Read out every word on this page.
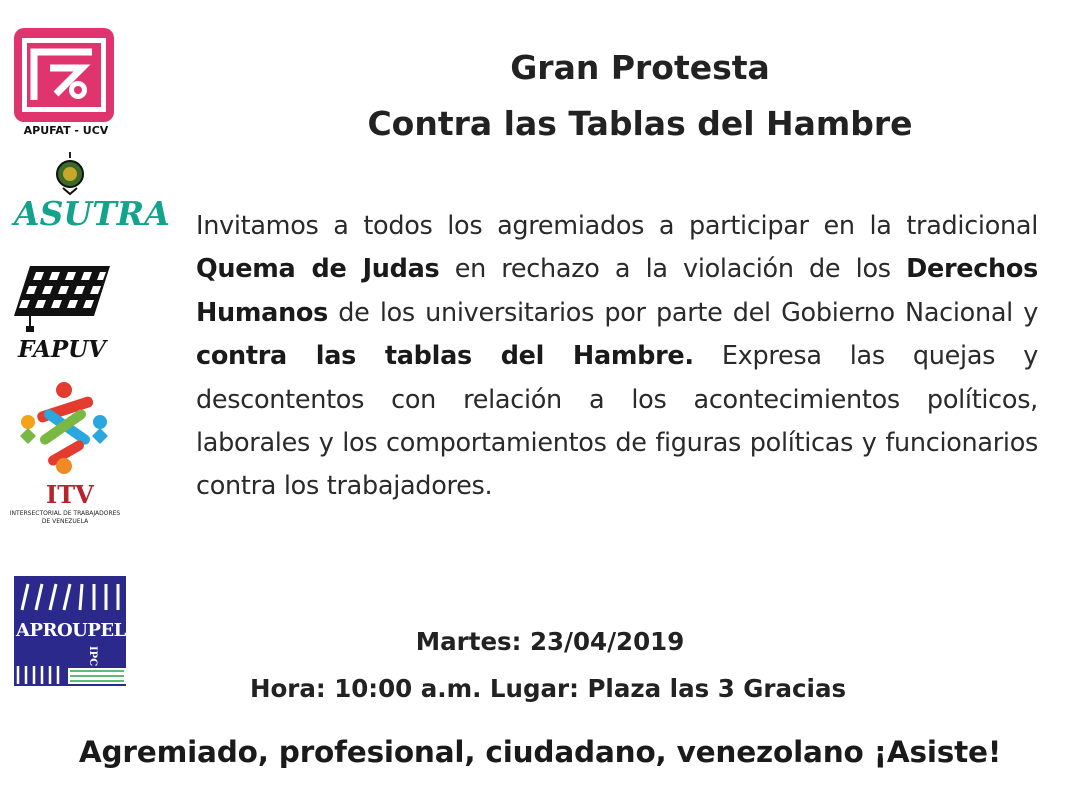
APUFAT - UCV
ASUTRA
FAPUV
ITV
INTERSECTORIAL DE TRABAJADORES DE VENEZUELA
APROUPEL
IPC
Gran Protesta
Contra las Tablas del Hambre

Invitamos a todos los agremiados a participar en la tradicional Quema de Judas en rechazo a la violación de los Derechos Humanos de los universitarios por parte del Gobierno Nacional y contra las tablas del Hambre. Expresa las quejas y descontentos con relación a los acontecimientos políticos, laborales y los comportamientos de figuras políticas y funcionarios contra los trabajadores.

Martes: 23/04/2019
Hora: 10:00 a.m. Lugar: Plaza las 3 Gracias
Agremiado, profesional, ciudadano, venezolano ¡Asiste!
